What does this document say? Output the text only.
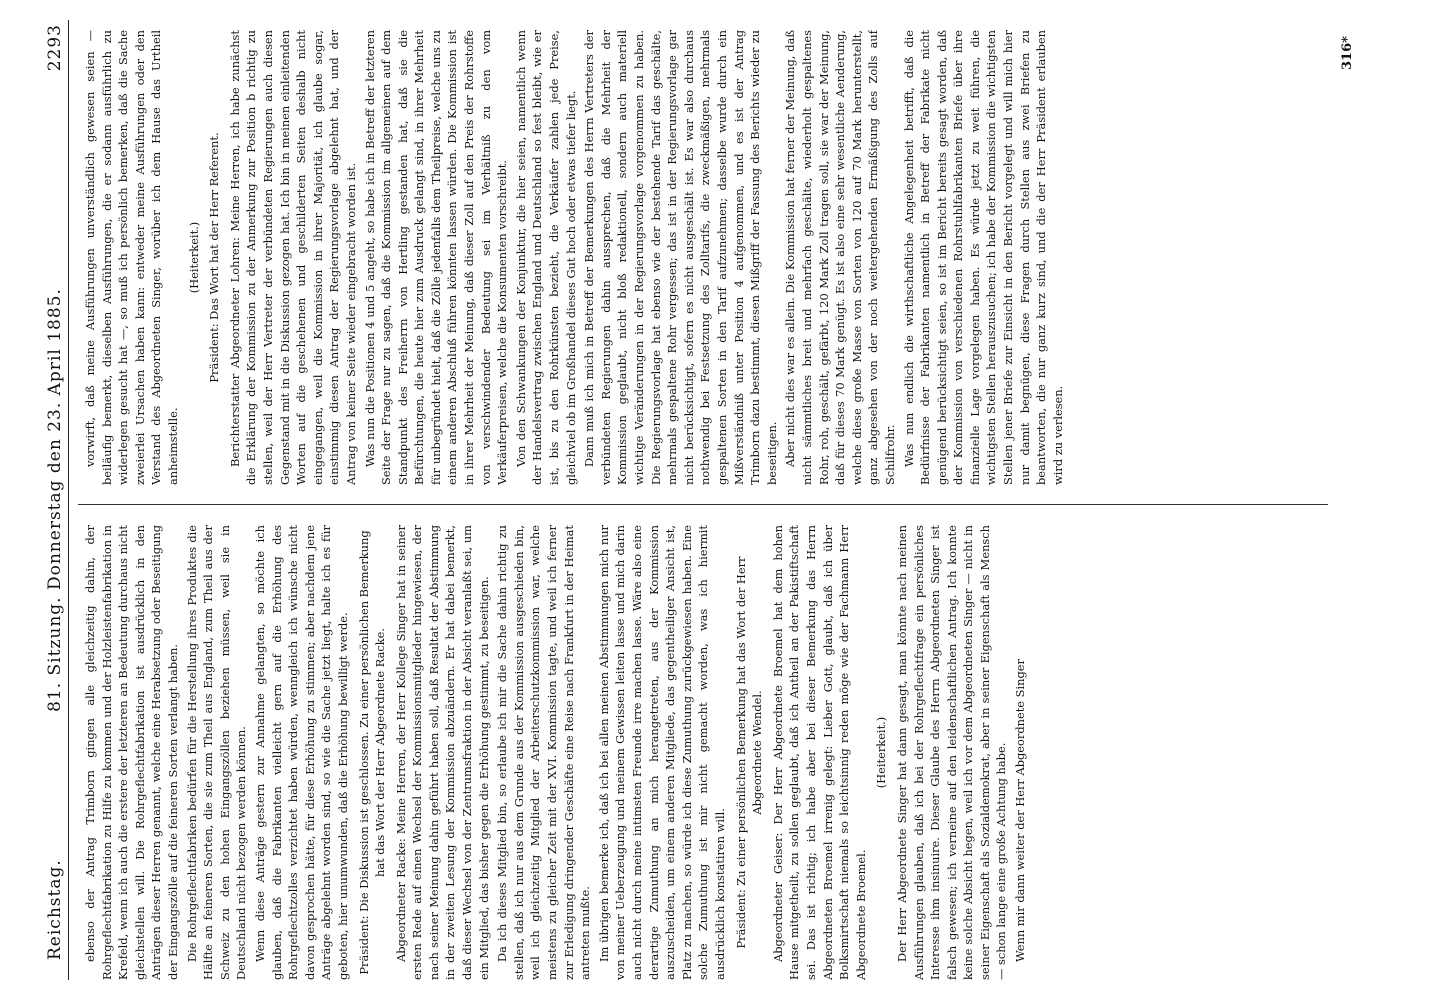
Reichstag.
81. Sitzung. Donnerstag den 23. April 1885.
2293

ebenso der Antrag Trimborn gingen alle gleichzeitig dahin, der Rohrgeflechtfabrikation zu Hilfe zu kommen und der Holzleistenfabrikation in Krefeld, wenn ich auch die erstere der letzteren an Bedeutung durchaus nicht gleichstellen will. Die Rohrgeflechtfabrikation ist ausdrücklich in den Anträgen dieser Herren genannt, welche eine Herabsetzung oder Beseitigung der Eingangszölle auf die feineren Sorten verlangt haben. Die Rohrgeflechtfabriken bedürfen für die Herstellung ihres Produktes die Hälfte an feineren Sorten, die sie zum Theil aus England, zum Theil aus der Schweiz zu den hohen Eingangszöllen beziehen müssen, weil sie in Deutschland nicht bezogen werden können. Wenn diese Anträge gestern zur Annahme gelangten, so möchte ich glauben, daß die Fabrikanten vielleicht gern auf die Erhöhung des Rohrgeflechtzolles verzichtet haben würden, wenngleich ich wünsche nicht davon gesprochen hätte, für diese Erhöhung zu stimmen; aber nachdem jene Anträge abgelehnt worden sind, so wie die Sache jetzt liegt, halte ich es für geboten, hier unumwunden, daß die Erhöhung bewilligt werde. Präsident: Die Diskussion ist geschlossen. Zu einer persönlichen Bemerkung hat das Wort der Herr Abgeordnete Racke. Abgeordneter Racke: Meine Herren, der Herr Kollege Singer hat in seiner ersten Rede auf einen Wechsel der Kommissionsmitglieder hingewiesen, der nach seiner Meinung dahin geführt haben soll, daß Resultat der Abstimmung in der zweiten Lesung der Kommission abzuändern. Er hat dabei bemerkt, daß dieser Wechsel von der Zentrumsfraktion in der Absicht veranlaßt sei, um ein Mitglied, das bisher gegen die Erhöhung gestimmt, zu beseitigen. Da ich dieses Mitglied bin, so erlaube ich mir die Sache dahin richtig zu stellen, daß ich nur aus dem Grunde aus der Kommission ausgeschieden bin, weil ich gleichzeitig Mitglied der Arbeiterschutzkommission war, welche meistens zu gleicher Zeit mit der XVI. Kommission tagte, und weil ich ferner zur Erledigung dringender Geschäfte eine Reise nach Frankfurt in der Heimat antreten mußte. Im übrigen bemerke ich, daß ich bei allen meinen Abstimmungen mich nur von meiner Ueberzeugung und meinem Gewissen leiten lasse und mich darin auch nicht durch meine intimsten Freunde irre machen lasse. Wäre also eine derartige Zumuthung an mich herangetreten, aus der Kommission auszuscheiden, um einem anderen Mitgliede, das gegentheiliger Ansicht ist, Platz zu machen, so würde ich diese Zumuthung zurückgewiesen haben. Eine solche Zumuthung ist mir nicht gemacht worden, was ich hiermit ausdrücklich konstatiren will. Präsident: Zu einer persönlichen Bemerkung hat das Wort der Herr Abgeordnete Wendel. Abgeordneter Geiser: Der Herr Abgeordnete Broemel hat dem hohen Hause mitgetheilt, zu sollen geglaubt, daß ich Antheil an der Pakistiftschaft sei. Das ist richtig; ich habe aber bei dieser Bemerkung das Herrn Abgeordneten Broemel irrenig gelegt: Lieber Gott, glaubt, daß ich über Bolksmirtschaft niemals so leichtsinnig reden möge wie der Fachmann Herr Abgeordnete Broemel.

(Heiterkeit.) Der Herr Abgeordnete Singer hat dann gesagt, man könnte nach meinen Ausführungen glauben, daß ich bei der Rohrgeflechtfrage ein persönliches Interesse ihm insinuire. Dieser Glaube des Herrn Abgeordneten Singer ist falsch gewesen; ich verneine auf den leidenschaftlichen Antrag. Ich konnte keine solche Absicht hegen, weil ich vor dem Abgeordneten Singer — nicht in seiner Eigenschaft als Sozialdemokrat, aber in seiner Eigenschaft als Mensch — schon lange eine große Achtung habe. Wenn mir dann weiter der Herr Abgeordnete Singer

vorwirft, daß meine Ausführungen unverständlich gewesen seien — beiläufig bemerkt, dieselben Ausführungen, die er sodann ausführlich zu widerlegen gesucht hat —, so muß ich persönlich bemerken, daß die Sache zweierlei Ursachen haben kann: entweder meine Ausführungen oder den Verstand des Abgeordneten Singer, worüber ich dem Hause das Urtheil anheimstelle.

(Heiterkeit.) Präsident: Das Wort hat der Herr Referent. Berichterstatter Abgeordneter Lohren: Meine Herren, ich habe zunächst die Erklärung der Kommission zu der Anmerkung zur Position b richtig zu stellen, weil der Herr Vertreter der verbündeten Regierungen auch diesen Gegenstand mit in die Diskussion gezogen hat. Ich bin in meinen einleitenden Worten auf die geschehenen und geschilderten Seiten deshalb nicht eingegangen, weil die Kommission in ihrer Majorität, ich glaube sogar, einstimmig diesen Antrag der Regierungsvorlage abgelehnt hat, und der Antrag von keiner Seite wieder eingebracht worden ist. Was nun die Positionen 4 und 5 angeht, so habe ich in Betreff der letzteren Seite der Frage nur zu sagen, daß die Kommission im allgemeinen auf dem Standpunkt des Freiherrn von Hertling gestanden hat, daß sie die Befürchtungen, die heute hier zum Ausdruck gelangt sind, in ihrer Mehrheit für unbegründet hielt, daß die Zölle jedenfalls dem Theilpreise, welche uns zu einem anderen Abschluß führen könnten lassen würden. Die Kommission ist in ihrer Mehrheit der Meinung, daß dieser Zoll auf den Preis der Rohrstoffe von verschwindender Bedeutung sei im Verhältniß zu den vom Verkäuferpreisen, welche die Konsumenten vorschreibt. Von den Schwankungen der Konjunktur, die hier seien, namentlich wenn der Handelsvertrag zwischen England und Deutschland so fest bleibt, wie er ist, bis zu den Rohrkünsten bezieht, die Verkäufer zahlen jede Preise, gleichviel ob im Großhandel dieses Gut hoch oder etwas tiefer liegt. Dann muß ich mich in Betreff der Bemerkungen des Herrn Vertreters der verbündeten Regierungen dahin aussprechen, daß die Mehrheit der Kommission geglaubt, nicht bloß redaktionell, sondern auch materiell wichtige Veränderungen in der Regierungsvorlage vorgenommen zu haben. Die Regierungsvorlage hat ebenso wie der bestehende Tarif das geschälte, mehrmals gespaltene Rohr vergessen; das ist in der Regierungsvorlage gar nicht berücksichtigt, sofern es nicht ausgeschält ist. Es war also durchaus nothwendig bei Festsetzung des Zolltarifs, die zweckmäßigen, mehrmals gespaltenen Sorten in den Tarif aufzunehmen; dasselbe wurde durch ein Mißverständniß unter Position 4 aufgenommen, und es ist der Antrag Trimborn dazu bestimmt, diesen Mißgriff der Fassung des Berichts wieder zu beseitigen. Aber nicht dies war es allein. Die Kommission hat ferner der Meinung, daß nicht sämmtliches breit und mehrfach geschälte, wiederholt gespaltenes Rohr, roh, geschält, gefärbt, 120 Mark Zoll tragen soll, sie war der Meinung, daß für dieses 70 Mark genügt. Es ist also eine sehr wesentliche Aenderung, welche diese große Masse von Sorten von 120 auf 70 Mark herunterstellt, ganz abgesehen von der noch weitergehenden Ermäßigung des Zolls auf Schilfrohr. Was nun endlich die wirthschaftliche Angelegenheit betrifft, daß die Bedürfnisse der Fabrikanten namentlich in Betreff der Fabrikate nicht genügend berücksichtigt seien, so ist im Bericht bereits gesagt worden, daß der Kommission von verschiedenen Rohrstuhlfabrikanten Briefe über ihre finanzielle Lage vorgelegen haben. Es würde jetzt zu weit führen, die wichtigsten Stellen herauszusuchen; ich habe der Kommission die wichtigsten Stellen jener Briefe zur Einsicht in den Bericht vorgelegt und will mich hier nur damit begnügen, diese Fragen durch Stellen aus zwei Briefen zu beantworten, die nur ganz kurz sind, und die der Herr Präsident erlauben wird zu verlesen.

316*
